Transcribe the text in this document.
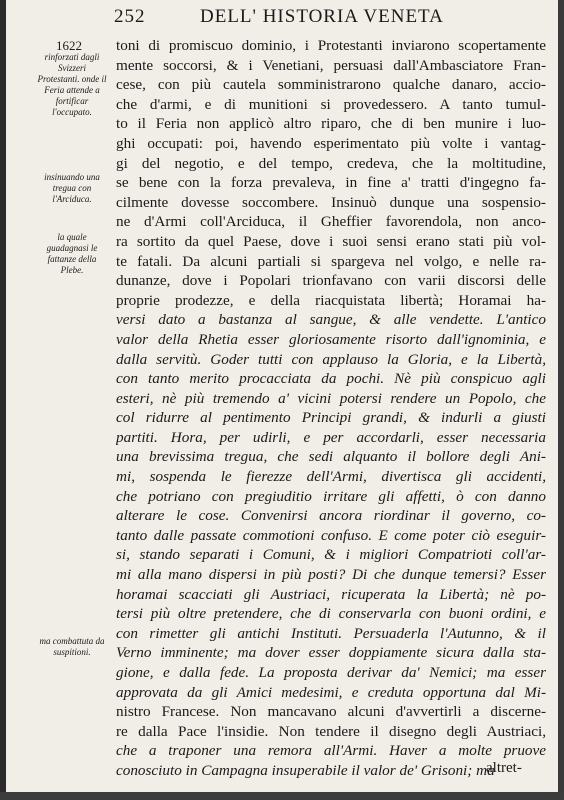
252	DELL' HISTORIA VENETA
1622
rinforzati dagli Svizzeri Protestanti. onde il Feria attende a fortificar l'occupato.
insinuando una tregua con l'Arciduca.
la quale guadagnasi le fattanze della Plebe.
ma combattuta da suspitioni.
toni di promiscuo dominio, i Protestanti inviarono scopertamente
mente soccorsi, & i Venetiani, persuasi dall'Ambasciatore Fran-
cese, con più cautela somministrarono qualche danaro, accio-
che d'armi, e di munitioni si provedessero. A tanto tumul-
to il Feria non applicò altro riparo, che di ben munire i luo-
ghi occupati: poi, havendo esperimentato più volte i vantag-
gi del negotio, e del tempo, credeva, che la moltitudine,
se bene con la forza prevaleva, in fine a' tratti d'ingegno fa-
cilmente dovesse soccombere. Insinuò dunque una sospensio-
ne d'Armi coll'Arciduca, il Gheffier favorendola, non anco-
ra sortito da quel Paese, dove i suoi sensi erano stati più vol-
te fatali. Da alcuni partiali si spargeva nel volgo, e nelle ra-
dunanze, dove i Popolari trionfavano con varii discorsi delle
proprie prodezze, e della riacquistata libertà; Horamai ha-
versi dato a bastanza al sangue, & alle vendette. L'antico
valor della Rhetia esser gloriosamente risorto dall'ignominia, e
dalla servitù. Goder tutti con applauso la Gloria, e la Libertà,
con tanto merito procacciata da pochi. Nè più conspicuo agli
esteri, nè più tremendo a' vicini potersi rendere un Popolo, che
col ridurre al pentimento Principi grandi, & indurli a giusti
partiti. Hora, per udirli, e per accordarli, esser necessaria
una brevissima tregua, che sedi alquanto il bollore degli Ani-
mi, sospenda le fierezze dell'Armi, divertisca gli accidenti,
che potriano con pregiuditio irritare gli affetti, ò con danno
alterare le cose. Convenirsi ancora riordinar il governo, co-
tanto dalle passate commotioni confuso. E come poter ciò eseguir-
si, stando separati i Comuni, & i migliori Compatrioti coll'ar-
mi alla mano dispersi in più posti? Di che dunque temersi? Esser
horamai scacciati gli Austriaci, ricuperata la Libertà; nè po-
tersi più oltre pretendere, che di conservarla con buoni ordini, e
con rimetter gli antichi Instituti. Persuaderla l'Autunno, & il
Verno imminente; ma dover esser doppiamente sicura dalla sta-
gione, e dalla fede. La proposta derivar da' Nemici; ma esser
approvata da gli Amici medesimi, e creduta opportuna dal Mi-
nistro Francese. Non mancavano alcuni d'avvertirli a discerne-
re dalla Pace l'insidie. Non tendere il disegno degli Austriaci,
che a traponer una remora all'Armi. Haver a molte pruove
conosciuto in Campagna insuperabile il valor de' Grisoni; ma
altret-
